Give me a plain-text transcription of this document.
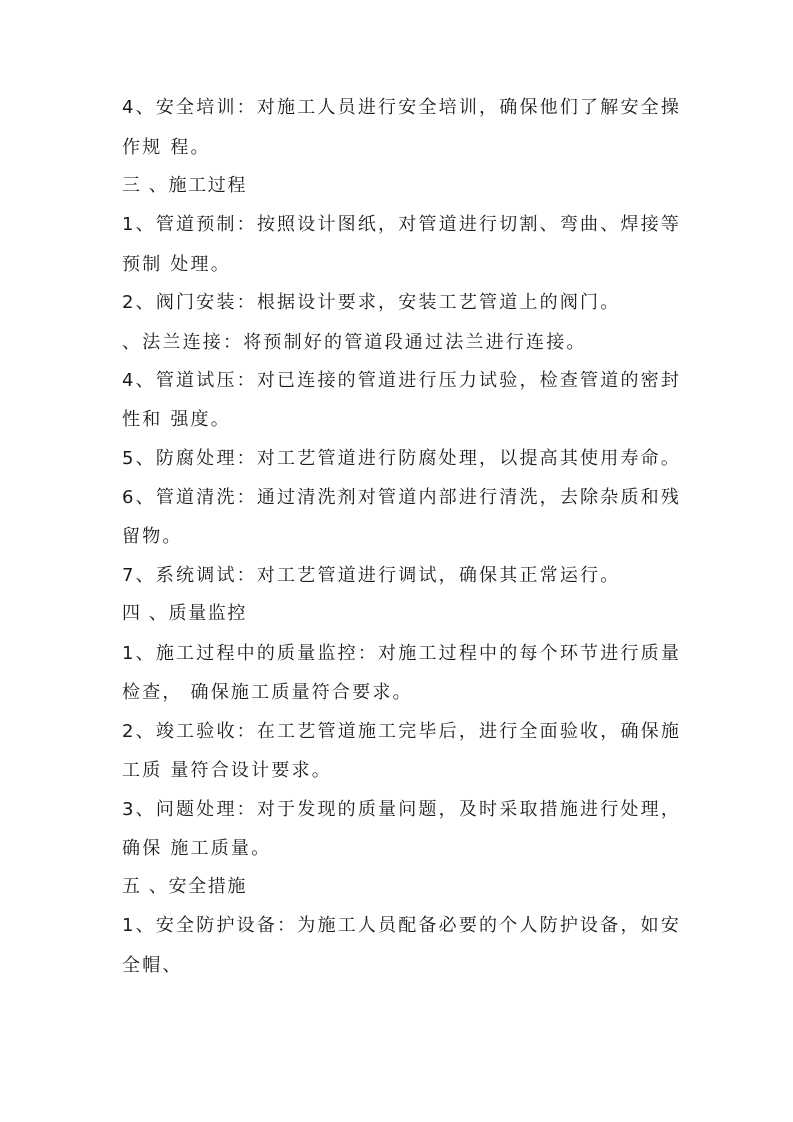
4、安全培训：对施工人员进行安全培训，确保他们了解安全操
作规 程。
三 、施工过程
1、管道预制：按照设计图纸，对管道进行切割、弯曲、焊接等
预制 处理。
2、阀门安装：根据设计要求，安装工艺管道上的阀门。
、法兰连接：将预制好的管道段通过法兰进行连接。
4、管道试压：对已连接的管道进行压力试验，检查管道的密封
性和 强度。
5、防腐处理：对工艺管道进行防腐处理，以提高其使用寿命。
6、管道清洗：通过清洗剂对管道内部进行清洗，去除杂质和残
留物。
7、系统调试：对工艺管道进行调试，确保其正常运行。
四 、质量监控
1、施工过程中的质量监控：对施工过程中的每个环节进行质量
检查， 确保施工质量符合要求。
2、竣工验收：在工艺管道施工完毕后，进行全面验收，确保施
工质 量符合设计要求。
3、问题处理：对于发现的质量问题，及时采取措施进行处理，
确保 施工质量。
五 、安全措施
1、安全防护设备：为施工人员配备必要的个人防护设备，如安
全帽、
